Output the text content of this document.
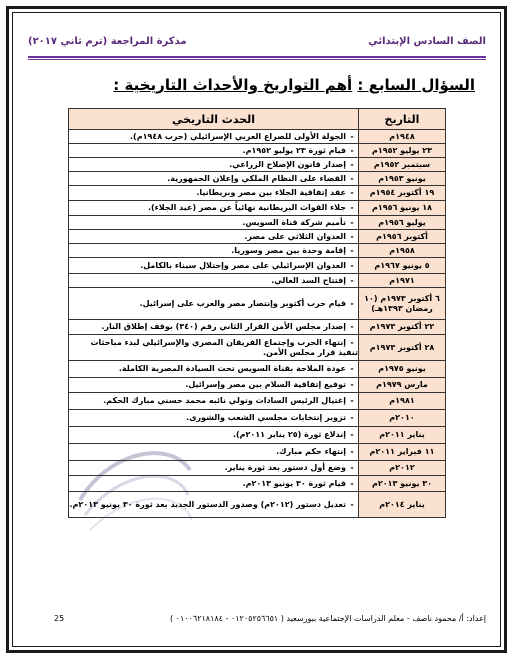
الصف السادس الإبتدائي
مذكرة المراجعة (ترم ثاني ٢٠١٧)
السؤال السابع : أهم التواريخ والأحداث التاريخية :
التاريخ	الحدث التاريخي
١٩٤٨م	-الجولة الأولى للصراع العربي الإسرائيلي (حرب ١٩٤٨م).
٢٣ يوليو ١٩٥٢م	-قيام ثورة ٢٣ يوليو ١٩٥٢م.
سبتمبر ١٩٥٢م	-إصدار قانون الإصلاح الزراعي.
يونيو ١٩٥٣م	-القضاء على النظام الملكي وإعلان الجمهورية.
١٩ أكتوبر ١٩٥٤م	-عقد إتفاقية الجلاء بين مصر وبريطانيا.
١٨ يونيو ١٩٥٦م	-جلاء القوات البريطانية نهائياً عن مصر (عيد الجلاء).
يوليو ١٩٥٦م	-تأميم شركة قناة السويس.
أكتوبر ١٩٥٦م	-العدوان الثلاثي على مصر.
١٩٥٨م	-إقامة وحدة بين مصر وسوريا.
٥ يونيو ١٩٦٧م	-العدوان الإسرائيلي على مصر وإحتلال سيناء بالكامل.
١٩٧١م	-إفتتاح السد العالي.
٦ أكتوبر ١٩٧٣م (١٠ رمضان ١٣٩٣هـ)	-قيام حرب أكتوبر وإنتصار مصر والعرب على إسرائيل.
٢٢ أكتوبر ١٩٧٣م	-إصدار مجلس الأمن القرار الثاني رقم (٣٤٠) بوقف إطلاق النار.
٢٨ أكتوبر ١٩٧٣م	-إنتهاء الحرب وإجتماع الفريقان المصري والإسرائيلي لبدء مباحثات تنفيذ قرار مجلس الأمن.
يونيو ١٩٧٥م	-عودة الملاحة بقناة السويس تحت السيادة المصرية الكاملة.
مارس ١٩٧٩م	-توقيع إتفاقية السلام بين مصر وإسرائيل.
١٩٨١م	-إغتيال الرئيس السادات وتولي نائبه محمد حسني مبارك الحكم.
٢٠١٠م	-تزوير إنتخابات مجلسي الشعب والشورى.
يناير ٢٠١١م	-إندلاع ثورة (٢٥ يناير ٢٠١١م).
١١ فبراير ٢٠١١م	-إنتهاء حكم مبارك.
٢٠١٢م	-وضع أول دستور بعد ثورة يناير.
٣٠ يونيو ٢٠١٣م	-قيام ثورة ٣٠ يونيو ٢٠١٣م.
يناير ٢٠١٤م	-تعديل دستور (٢٠١٢م) وصدور الدستور الجديد بعد ثورة ٣٠ يونيو ٢٠١٣م.
إعداد: أ/ محمود ناصف - معلم الدراسات الإجتماعية ببورسعيد ( ٠١٢٠٥٢٥٦٦٥١ - ٠١٠٠٦٢١٨١٨٤ )
25
